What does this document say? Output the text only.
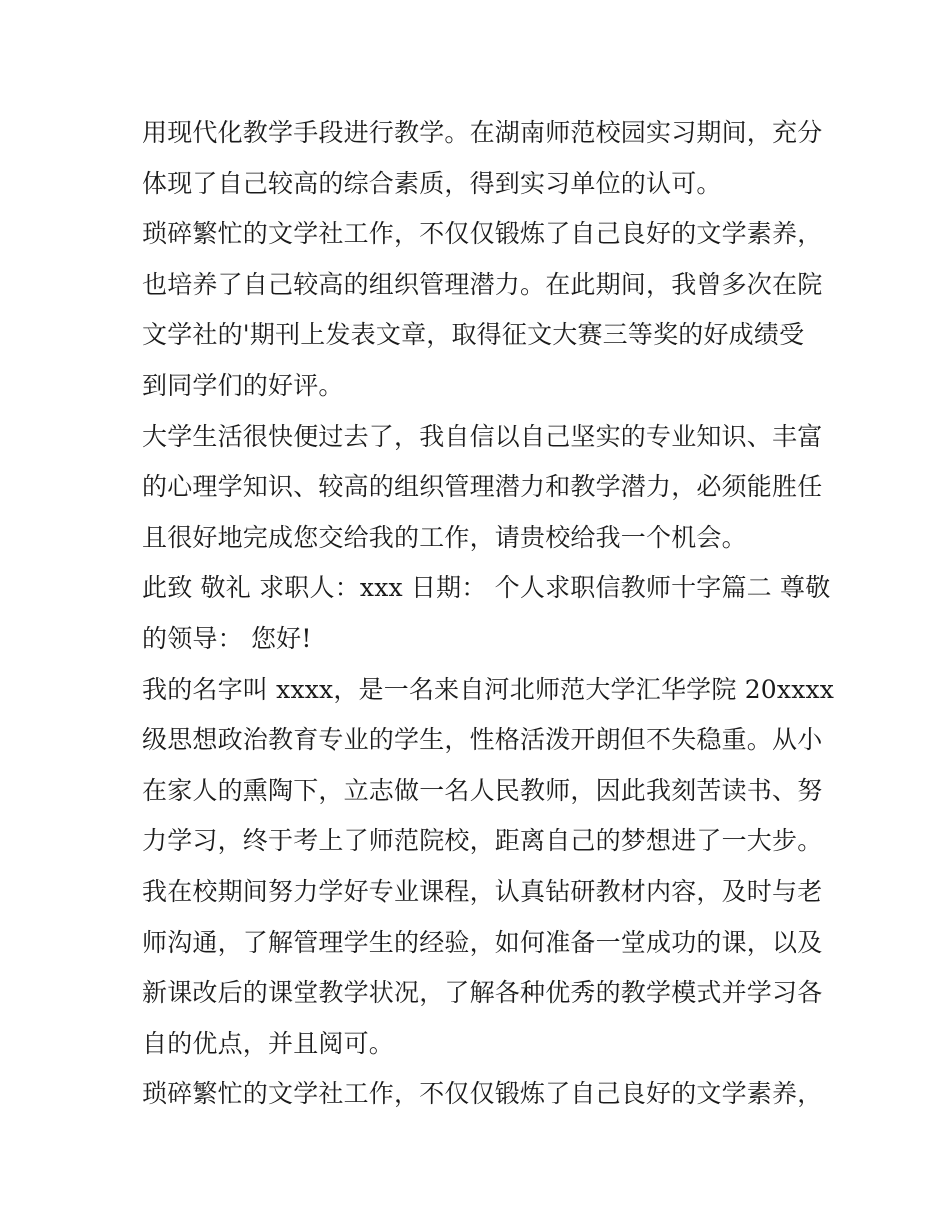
用现代化教学手段进行教学。在湖南师范校园实习期间，充分
体现了自己较高的综合素质，得到实习单位的认可。
琐碎繁忙的文学社工作，不仅仅锻炼了自己良好的文学素养，
也培养了自己较高的组织管理潜力。在此期间，我曾多次在院
文学社的'期刊上发表文章，取得征文大赛三等奖的好成绩受
到同学们的好评。
大学生活很快便过去了，我自信以自己坚实的专业知识、丰富
的心理学知识、较高的组织管理潜力和教学潜力，必须能胜任
且很好地完成您交给我的工作，请贵校给我一个机会。
此致 敬礼 求职人：xxx 日期： 个人求职信教师十字篇二 尊敬
的领导： 您好!
我的名字叫 xxxx，是一名来自河北师范大学汇华学院 20xxxx
级思想政治教育专业的学生，性格活泼开朗但不失稳重。从小
在家人的熏陶下，立志做一名人民教师，因此我刻苦读书、努
力学习，终于考上了师范院校，距离自己的梦想进了一大步。
我在校期间努力学好专业课程，认真钻研教材内容，及时与老
师沟通，了解管理学生的经验，如何准备一堂成功的课，以及
新课改后的课堂教学状况，了解各种优秀的教学模式并学习各
自的优点，并且阅可。
琐碎繁忙的文学社工作，不仅仅锻炼了自己良好的文学素养，
